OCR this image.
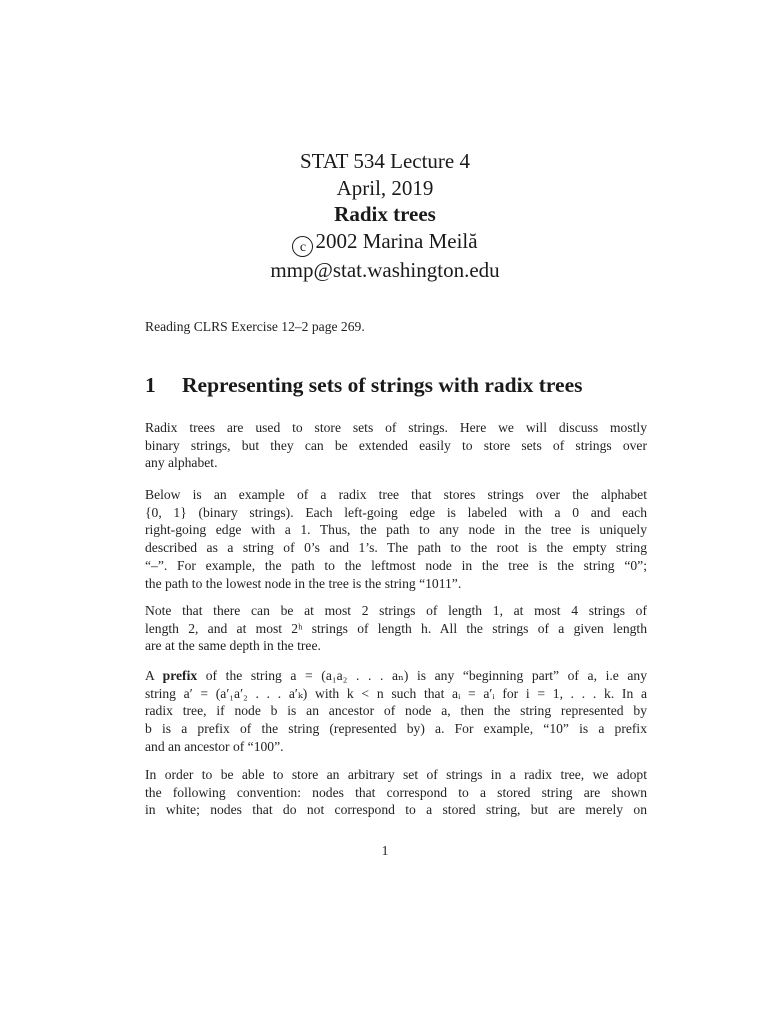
STAT 534 Lecture 4
April, 2019
Radix trees
c 2002 Marina Meilă
mmp@stat.washington.edu
Reading CLRS Exercise 12–2 page 269.
1 Representing sets of strings with radix trees
Radix trees are used to store sets of strings. Here we will discuss mostly
binary strings, but they can be extended easily to store sets of strings over
any alphabet.
Below is an example of a radix tree that stores strings over the alphabet
{0, 1} (binary strings). Each left-going edge is labeled with a 0 and each
right-going edge with a 1. Thus, the path to any node in the tree is uniquely
described as a string of 0’s and 1’s. The path to the root is the empty string
“–”. For example, the path to the leftmost node in the tree is the string “0”;
the path to the lowest node in the tree is the string “1011”.
Note that there can be at most 2 strings of length 1, at most 4 strings of
length 2, and at most 2ʰ strings of length h. All the strings of a given length
are at the same depth in the tree.
A prefix of the string a = (a₁a₂ . . . aₙ) is any “beginning part” of a, i.e any
string a′ = (a′₁a′₂ . . . a′ₖ) with k < n such that aᵢ = a′ᵢ for i = 1, . . . k. In a
radix tree, if node b is an ancestor of node a, then the string represented by
b is a prefix of the string (represented by) a. For example, “10” is a prefix
and an ancestor of “100”.
In order to be able to store an arbitrary set of strings in a radix tree, we adopt
the following convention: nodes that correspond to a stored string are shown
in white; nodes that do not correspond to a stored string, but are merely on
1
